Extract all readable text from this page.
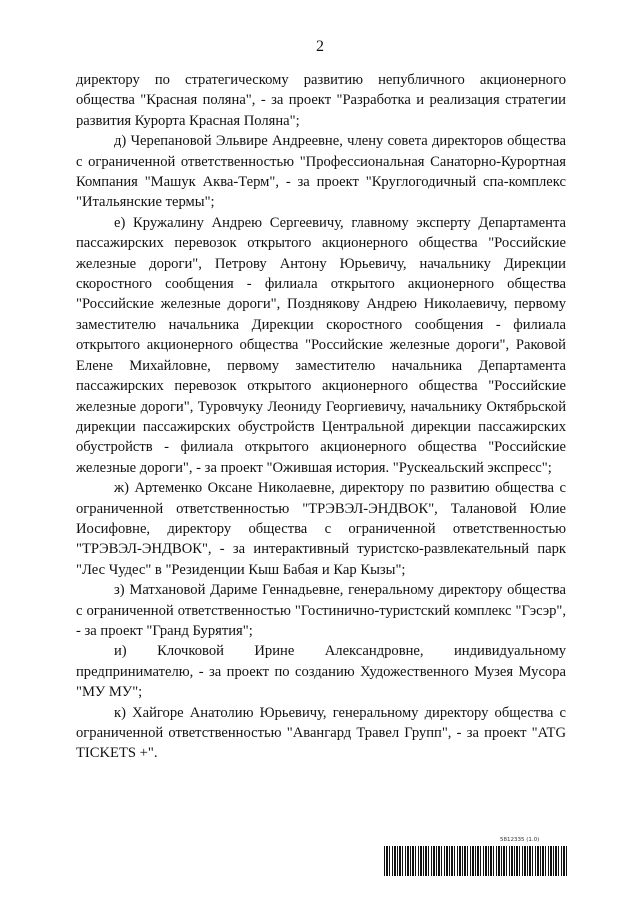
2

директору по стратегическому развитию непубличного акционерного общества "Красная поляна", - за проект "Разработка и реализация стратегии развития Курорта Красная Поляна";

д) Черепановой Эльвире Андреевне, члену совета директоров общества с ограниченной ответственностью "Профессиональная Санаторно-Курортная Компания "Машук Аква-Терм", - за проект "Круглогодичный спа-комплекс "Итальянские термы";

е) Кружалину Андрею Сергеевичу, главному эксперту Департамента пассажирских перевозок открытого акционерного общества "Российские железные дороги", Петрову Антону Юрьевичу, начальнику Дирекции скоростного сообщения - филиала открытого акционерного общества "Российские железные дороги", Позднякову Андрею Николаевичу, первому заместителю начальника Дирекции скоростного сообщения - филиала открытого акционерного общества "Российские железные дороги", Раковой Елене Михайловне, первому заместителю начальника Департамента пассажирских перевозок открытого акционерного общества "Российские железные дороги", Туровчуку Леониду Георгиевичу, начальнику Октябрьской дирекции пассажирских обустройств Центральной дирекции пассажирских обустройств - филиала открытого акционерного общества "Российские железные дороги", - за проект "Ожившая история. "Рускеальский экспресс";

ж) Артеменко Оксане Николаевне, директору по развитию общества с ограниченной ответственностью "ТРЭВЭЛ-ЭНДВОК", Талановой Юлие Иосифовне, директору общества с ограниченной ответственностью "ТРЭВЭЛ-ЭНДВОК", - за интерактивный туристско-развлекательный парк "Лес Чудес" в "Резиденции Кыш Бабая и Кар Кызы";

з) Матхановой Дариме Геннадьевне, генеральному директору общества с ограниченной ответственностью "Гостинично-туристский комплекс "Гэсэр", - за проект "Гранд Бурятия";

и) Клочковой Ирине Александровне, индивидуальному предпринимателю, - за проект по созданию Художественного Музея Мусора "МУ МУ";

к) Хайгоре Анатолию Юрьевичу, генеральному директору общества с ограниченной ответственностью "Авангард Травел Групп", - за проект "ATG TICKETS +".

5812335 (1.0)
